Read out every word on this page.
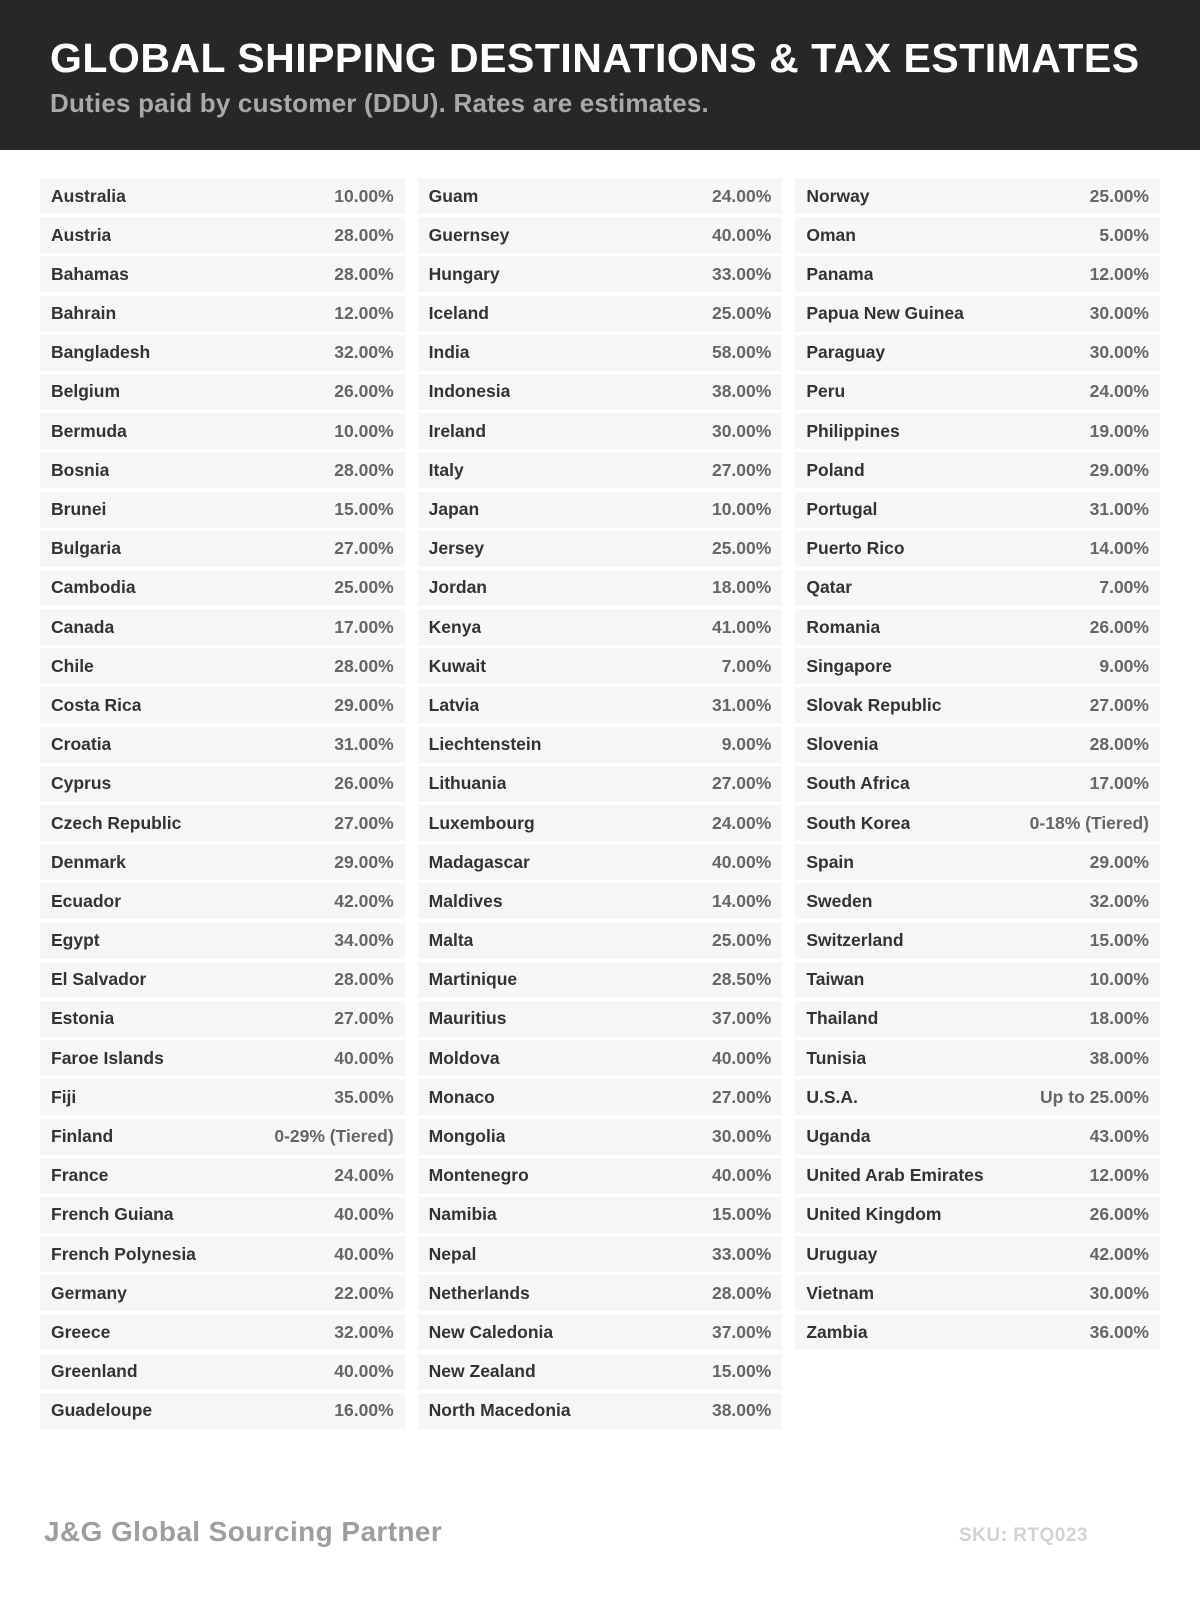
GLOBAL SHIPPING DESTINATIONS & TAX ESTIMATES

Duties paid by customer (DDU). Rates are estimates.

Australia	10.00%
Austria	28.00%
Bahamas	28.00%
Bahrain	12.00%
Bangladesh	32.00%
Belgium	26.00%
Bermuda	10.00%
Bosnia	28.00%
Brunei	15.00%
Bulgaria	27.00%
Cambodia	25.00%
Canada	17.00%
Chile	28.00%
Costa Rica	29.00%
Croatia	31.00%
Cyprus	26.00%
Czech Republic	27.00%
Denmark	29.00%
Ecuador	42.00%
Egypt	34.00%
El Salvador	28.00%
Estonia	27.00%
Faroe Islands	40.00%
Fiji	35.00%
Finland	0-29% (Tiered)
France	24.00%
French Guiana	40.00%
French Polynesia	40.00%
Germany	22.00%
Greece	32.00%
Greenland	40.00%
Guadeloupe	16.00%
Guam	24.00%
Guernsey	40.00%
Hungary	33.00%
Iceland	25.00%
India	58.00%
Indonesia	38.00%
Ireland	30.00%
Italy	27.00%
Japan	10.00%
Jersey	25.00%
Jordan	18.00%
Kenya	41.00%
Kuwait	7.00%
Latvia	31.00%
Liechtenstein	9.00%
Lithuania	27.00%
Luxembourg	24.00%
Madagascar	40.00%
Maldives	14.00%
Malta	25.00%
Martinique	28.50%
Mauritius	37.00%
Moldova	40.00%
Monaco	27.00%
Mongolia	30.00%
Montenegro	40.00%
Namibia	15.00%
Nepal	33.00%
Netherlands	28.00%
New Caledonia	37.00%
New Zealand	15.00%
North Macedonia	38.00%
Norway	25.00%
Oman	5.00%
Panama	12.00%
Papua New Guinea	30.00%
Paraguay	30.00%
Peru	24.00%
Philippines	19.00%
Poland	29.00%
Portugal	31.00%
Puerto Rico	14.00%
Qatar	7.00%
Romania	26.00%
Singapore	9.00%
Slovak Republic	27.00%
Slovenia	28.00%
South Africa	17.00%
South Korea	0-18% (Tiered)
Spain	29.00%
Sweden	32.00%
Switzerland	15.00%
Taiwan	10.00%
Thailand	18.00%
Tunisia	38.00%
U.S.A.	Up to 25.00%
Uganda	43.00%
United Arab Emirates	12.00%
United Kingdom	26.00%
Uruguay	42.00%
Vietnam	30.00%
Zambia	36.00%
J&G Global Sourcing Partner	SKU: RTQ023
